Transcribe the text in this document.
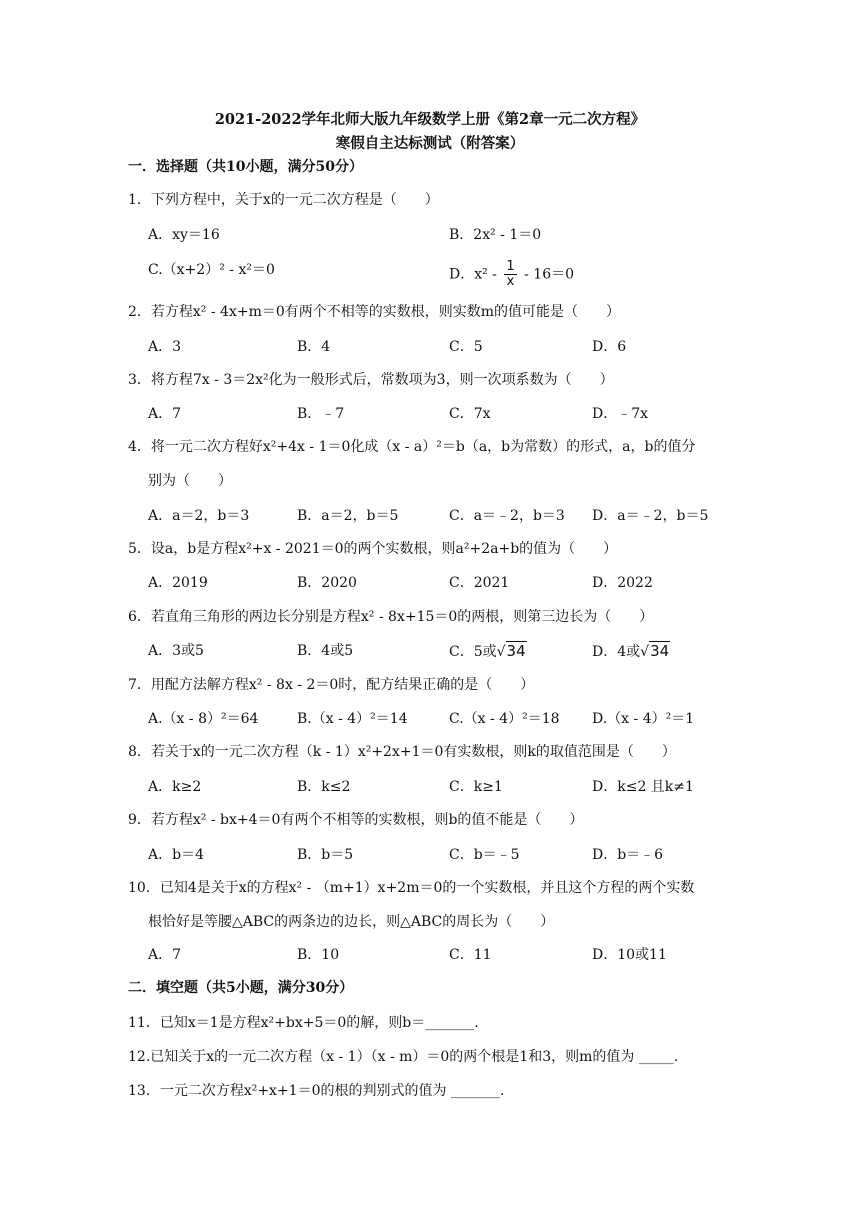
2021-2022学年北师大版九年级数学上册《第2章一元二次方程》
寒假自主达标测试（附答案）
一．选择题（共10小题，满分50分）
1．下列方程中，关于x的一元二次方程是（　　）
A．xy＝16	B．2x² - 1＝0
C.（x+2）² - x²＝0	D．$x^2 - \frac{1}{x} - 16=0$
2．若方程x² - 4x+m＝0有两个不相等的实数根，则实数m的值可能是（　　）
A．3	B．4	C．5	D．6
3．将方程7x - 3＝2x²化为一般形式后，常数项为3，则一次项系数为（　　）
A．7	B．﹣7	C．7x	D．﹣7x
4．将一元二次方程好x²+4x - 1＝0化成（x - a）²＝b（a，b为常数）的形式，a，b的值分
别为（　　）
A．a＝2，b＝3	B．a＝2，b＝5	C．a＝﹣2，b＝3 D．a＝﹣2，b＝5
5．设a，b是方程x²+x - 2021＝0的两个实数根，则a²+2a+b的值为（　　）
A．2019	B．2020	C．2021	D．2022
6．若直角三角形的两边长分别是方程x² - 8x+15＝0的两根，则第三边长为（　　）
A．3或5	B．4或5	C．5或√34	D．4或√34
7．用配方法解方程x² - 8x - 2＝0时，配方结果正确的是（　　）
A.（x - 8）²＝64	B.（x - 4）²＝14	C.（x - 4）²＝18 D.（x - 4）²＝1
8．若关于x的一元二次方程（k - 1）x²+2x+1＝0有实数根，则k的取值范围是（　　）
A．k≥2	B．k≤2	C．k≥1	D．k≤2 且k≠1
9．若方程x² - bx+4＝0有两个不相等的实数根，则b的值不能是（　　）
A．b＝4	B．b＝5	C．b＝﹣5	D．b＝﹣6
10．已知4是关于x的方程x² - （m+1）x+2m＝0的一个实数根，并且这个方程的两个实数
根恰好是等腰△ABC的两条边的边长，则△ABC的周长为（　　）
A．7	B．10	C．11	D．10或11
二．填空题（共5小题，满分30分）
11．已知x＝1是方程x²+bx+5＝0的解，则b＝_______.
12.已知关于x的一元二次方程（x - 1）（x - m）＝0的两个根是1和3，则m的值为 _____.
13．一元二次方程x²+x+1＝0的根的判别式的值为 _______.
